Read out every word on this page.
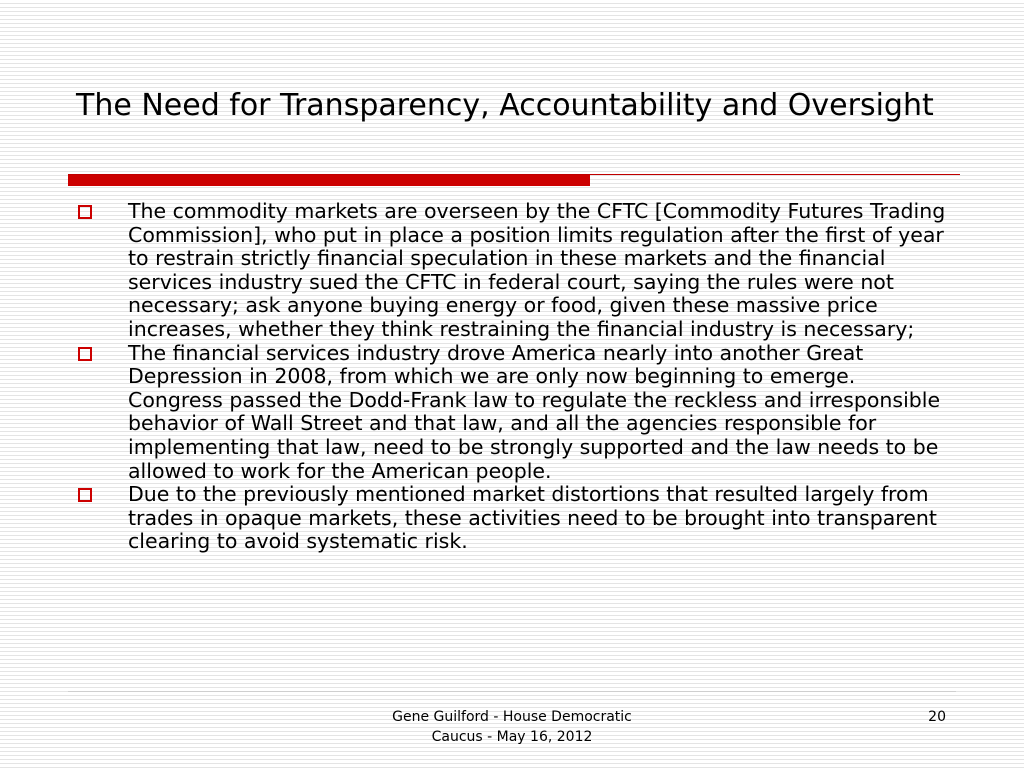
The Need for Transparency, Accountability and Oversight
The commodity markets are overseen by the CFTC [Commodity Futures Trading Commission], who put in place a position limits regulation after the first of year to restrain strictly financial speculation in these markets and the financial services industry sued the CFTC in federal court, saying the rules were not necessary; ask anyone buying energy or food, given these massive price increases, whether they think restraining the financial industry is necessary;
The financial services industry drove America nearly into another Great Depression in 2008, from which we are only now beginning to emerge. Congress passed the Dodd-Frank law to regulate the reckless and irresponsible behavior of Wall Street and that law, and all the agencies responsible for implementing that law, need to be strongly supported and the law needs to be allowed to work for the American people.
Due to the previously mentioned market distortions that resulted largely from trades in opaque markets, these activities need to be brought into transparent clearing to avoid systematic risk.
Gene Guilford - House Democratic
Caucus - May 16, 2012
20
